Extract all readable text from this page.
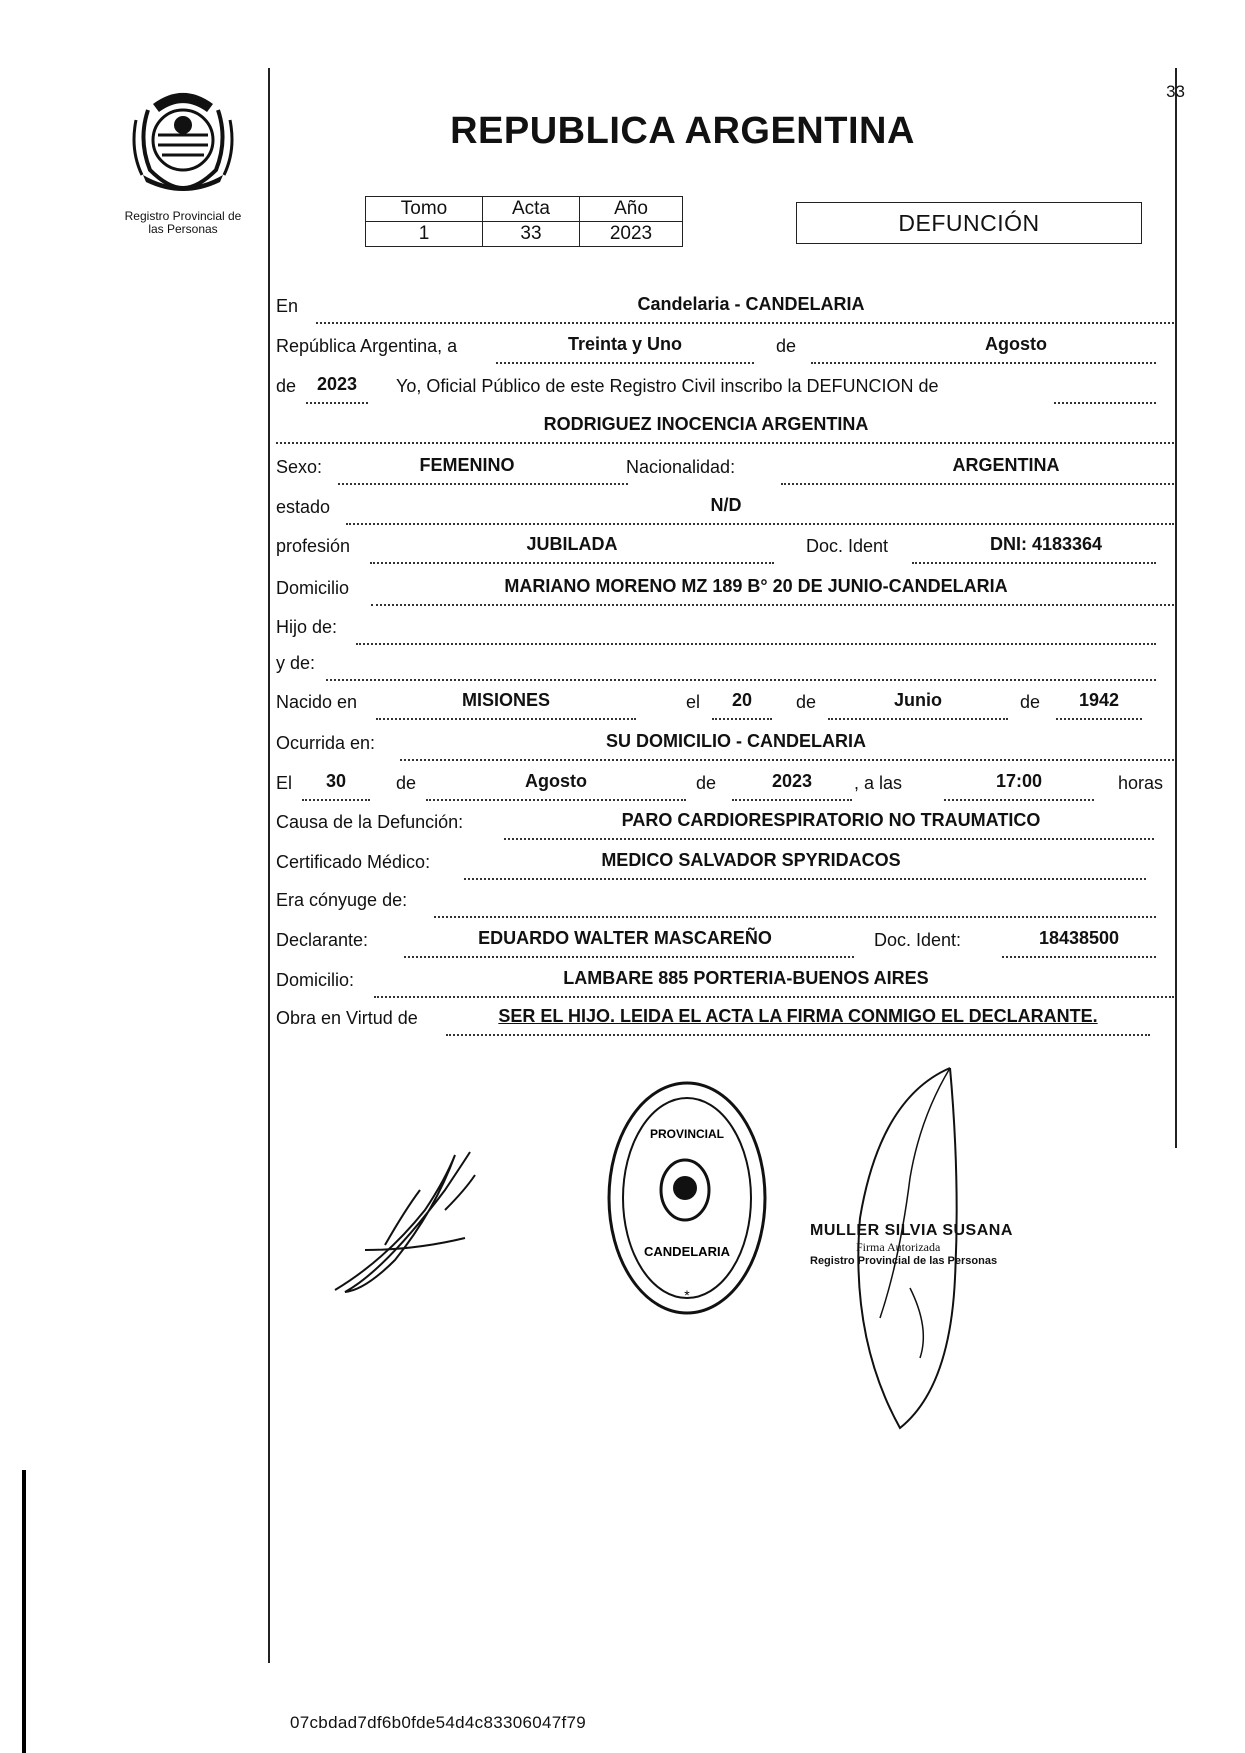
Registro Provincial de
las Personas
REPUBLICA ARGENTINA
33
Tomo	Acta	Año
1	33	2023	DEFUNCIÓN
En	Candelaria - CANDELARIA
República Argentina, a	Treinta y Uno	de	Agosto
de	2023	Yo, Oficial Público de este Registro Civil inscribo la DEFUNCION de
RODRIGUEZ INOCENCIA ARGENTINA
Sexo:	FEMENINO	Nacionalidad:	ARGENTINA
estado	N/D
profesión	JUBILADA	Doc. Ident	DNI: 4183364
Domicilio	MARIANO MORENO MZ 189 B° 20 DE JUNIO-CANDELARIA
Hijo de:
y de:
Nacido en	MISIONES	el	20	de	Junio	de	1942
Ocurrida en:	SU DOMICILIO - CANDELARIA
El	30	de	Agosto	de	2023	, a las	17:00	horas
Causa de la Defunción:	PARO CARDIORESPIRATORIO NO TRAUMATICO
Certificado Médico:	MEDICO SALVADOR SPYRIDACOS
Era cónyuge de:
Declarante:	EDUARDO WALTER MASCAREÑO	Doc. Ident:	18438500
Domicilio:	LAMBARE 885 PORTERIA-BUENOS AIRES
Obra en Virtud de	SER EL HIJO. LEIDA EL ACTA LA FIRMA CONMIGO EL DECLARANTE.
PROVINCIAL
CANDELARIA
*
MULLER SILVIA SUSANA
Firma Autorizada
Registro Provincial de las Personas
07cbdad7df6b0fde54d4c83306047f79
